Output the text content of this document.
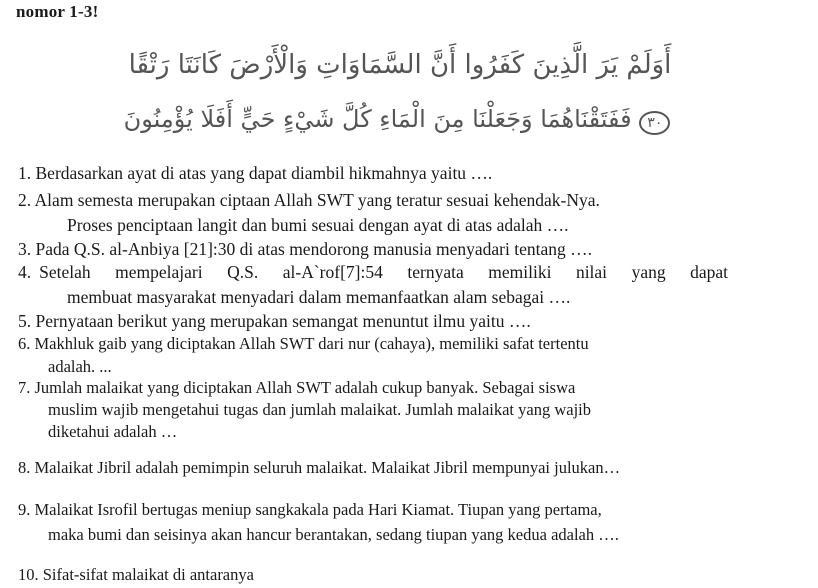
nomor 1-3!
أَوَلَمْ يَرَ الَّذِينَ كَفَرُوا أَنَّ السَّمَاوَاتِ وَالْأَرْضَ كَانَتَا رَتْقًا
٣٠ فَفَتَقْنَاهُمَا وَجَعَلْنَا مِنَ الْمَاءِ كُلَّ شَيْءٍ حَيٍّ أَفَلَا يُؤْمِنُونَ
1. Berdasarkan ayat di atas yang dapat diambil hikmahnya yaitu ….
2. Alam semesta merupakan ciptaan Allah SWT yang teratur sesuai kehendak-Nya.
Proses penciptaan langit dan bumi sesuai dengan ayat di atas adalah ….
3. Pada Q.S. al-Anbiya [21]:30 di atas mendorong manusia menyadari tentang ….
4. Setelah mempelajari Q.S. al-A`rof[7]:54 ternyata memiliki nilai yang dapat
membuat masyarakat menyadari dalam memanfaatkan alam sebagai ….
5. Pernyataan berikut yang merupakan semangat menuntut ilmu yaitu ….
6. Makhluk gaib yang diciptakan Allah SWT dari nur (cahaya), memiliki safat tertentu
adalah. ...
7. Jumlah malaikat yang diciptakan Allah SWT adalah cukup banyak. Sebagai siswa
muslim wajib mengetahui tugas dan jumlah malaikat. Jumlah malaikat yang wajib
diketahui adalah …
8. Malaikat Jibril adalah pemimpin seluruh malaikat. Malaikat Jibril mempunyai julukan…
9. Malaikat Isrofil bertugas meniup sangkakala pada Hari Kiamat. Tiupan yang pertama,
maka bumi dan seisinya akan hancur berantakan, sedang tiupan yang kedua adalah ….
10. Sifat-sifat malaikat di antaranya
